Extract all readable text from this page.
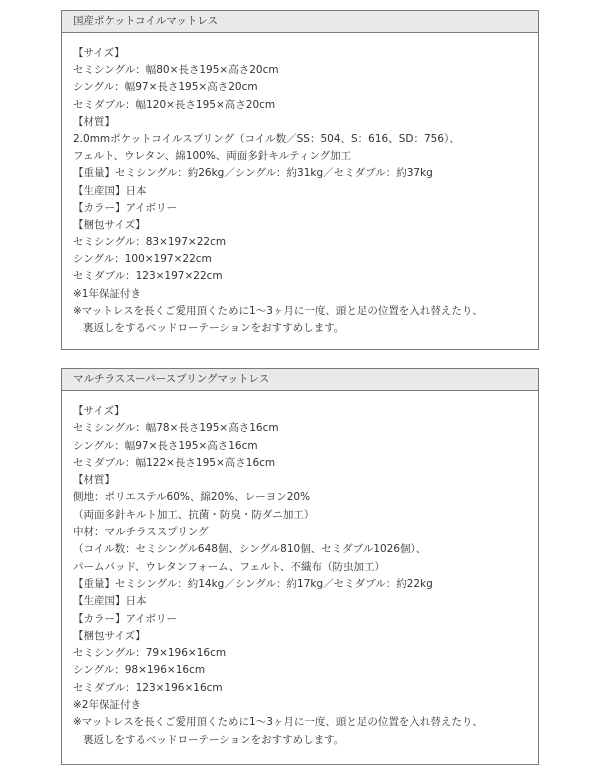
国産ポケットコイルマットレス
【サイズ】
セミシングル：幅80×長さ195×高さ20cm
シングル：幅97×長さ195×高さ20cm
セミダブル：幅120×長さ195×高さ20cm
【材質】
2.0mmポケットコイルスプリング（コイル数／SS：504、S：616、SD：756）、
フェルト、ウレタン、綿100%、両面多針キルティング加工
【重量】セミシングル：約26kg／シングル：約31kg／セミダブル：約37kg
【生産国】日本
【カラー】アイボリー
【梱包サイズ】
セミシングル：83×197×22cm
シングル：100×197×22cm
セミダブル：123×197×22cm
※1年保証付き
※マットレスを長くご愛用頂くために1〜3ヶ月に一度、頭と足の位置を入れ替えたり、
裏返しをするベッドローテーションをおすすめします。
マルチラススーパースプリングマットレス
【サイズ】
セミシングル：幅78×長さ195×高さ16cm
シングル：幅97×長さ195×高さ16cm
セミダブル：幅122×長さ195×高さ16cm
【材質】
側地：ポリエステル60%、綿20%、レーヨン20%
（両面多針キルト加工、抗菌・防臭・防ダニ加工）
中材：マルチラススプリング
（コイル数：セミシングル648個、シングル810個、セミダブル1026個）、
パームパッド、ウレタンフォーム、フェルト、不織布（防虫加工）
【重量】セミシングル：約14kg／シングル：約17kg／セミダブル：約22kg
【生産国】日本
【カラー】アイボリー
【梱包サイズ】
セミシングル：79×196×16cm
シングル：98×196×16cm
セミダブル：123×196×16cm
※2年保証付き
※マットレスを長くご愛用頂くために1〜3ヶ月に一度、頭と足の位置を入れ替えたり、
裏返しをするベッドローテーションをおすすめします。
